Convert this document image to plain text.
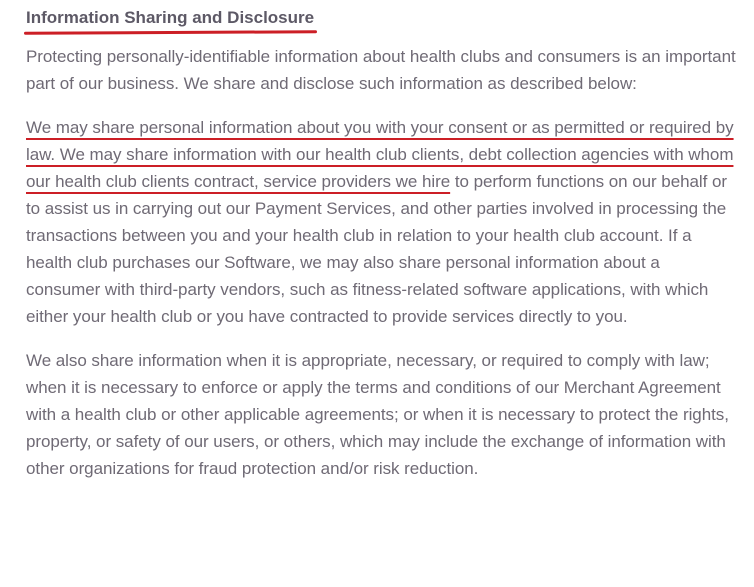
Information Sharing and Disclosure

Protecting personally-identifiable information about health clubs and consumers is an important part of our business. We share and disclose such information as described below:

We may share personal information about you with your consent or as permitted or required by law. We may share information with our health club clients, debt collection agencies with whom our health club clients contract, service providers we hire to perform functions on our behalf or to assist us in carrying out our Payment Services, and other parties involved in processing the transactions between you and your health club in relation to your health club account. If a health club purchases our Software, we may also share personal information about a consumer with third-party vendors, such as fitness-related software applications, with which either your health club or you have contracted to provide services directly to you.

We also share information when it is appropriate, necessary, or required to comply with law; when it is necessary to enforce or apply the terms and conditions of our Merchant Agreement with a health club or other applicable agreements; or when it is necessary to protect the rights, property, or safety of our users, or others, which may include the exchange of information with other organizations for fraud protection and/or risk reduction.
